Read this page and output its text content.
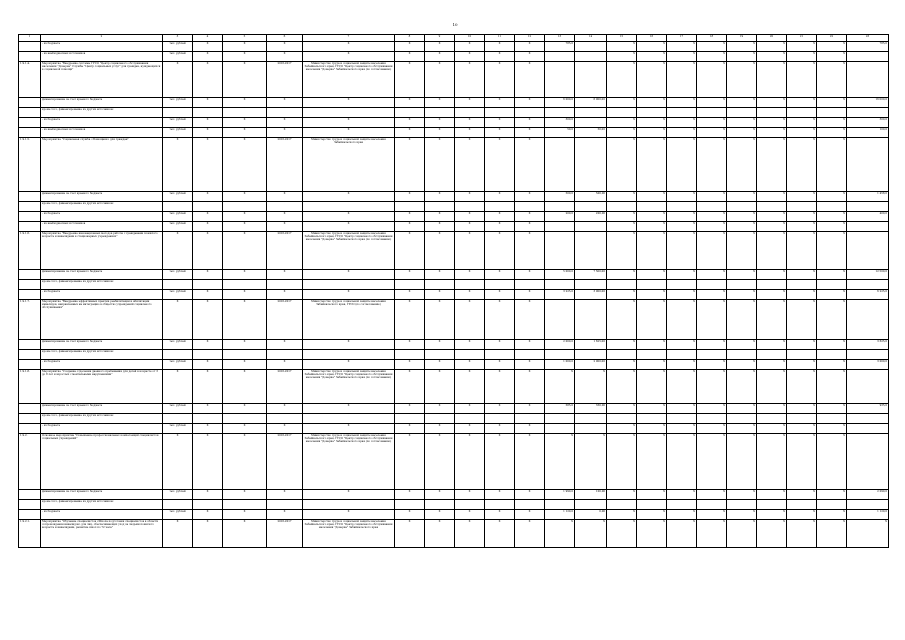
10
1	2	3	4	5	6	7	8	9	10	11	12	13	14	15	16	17	18	19	20	21	22	23
	- из бюджета	тыс. рублей	X	X	X	X	X	X	X	X	X	785,0		X	X	X	X	X	X	X	X	785,0
	- из внебюджетных источников	тыс. рублей	X	X	X	X	X	X	X	X	X			X	X	X	X	X	X	X	X	
1.9.1.4.	Мероприятие "Внедрение системы ГУСО "Центр социального обслуживания населения "Доверие" Службы "Центр социальных услуг" для граждан, нуждающихся в социальной помощи"	X	X	X	2016-2017	Министерство труда и социальной защиты населения Забайкальского края, ГУСО "Центр социального обслуживания населения "Доверие" Забайкальского края (по согласованию)	X	X	X	X	X			X	X	X	X	X	X	X	X	
	финансирование за счет краевого бюджета	тыс. рублей	X	X	X	X	X	X	X	X	X	6 000,0	6 000,00	X	X	X	X	X	X	X	X	16 000,0
	кроме того, финансирование из других источников:																					
	- из бюджета	тыс. рублей	X	X	X	X	X	X	X	X	X	300,0		X	X	X	X	X	X	X	X	300,0
	- из внебюджетных источников	тыс. рублей	X	X	X	X	X	X	X	X	X	50,0	50,00	X	X	X	X	X	X	X	X	100,0
1.9.1.5.	Мероприятие "Социальная служба «Помощник» для граждан"	X	X	X	2016-2017	Министерство труда и социальной защиты населения Забайкальского края	X	X	X	X	X			X	X	X	X	X	X	X	X	
	финансирование за счет краевого бюджета	тыс. рублей	X	X	X	X	X	X	X	X	X	500,0	500,00	X	X	X	X	X	X	X	X	1 458,0
	кроме того, финансирование из других источников:																					
	- из бюджета	тыс. рублей	X	X	X	X	X	X	X	X	X	200,0	200,00	X	X	X	X	X	X	X	X	400,0
	- из внебюджетных источников	тыс. рублей	X	X	X	X	X	X	X	X	X			X	X	X	X	X	X	X	X	
1.9.1.6.	Мероприятие "Внедрение инновационных методов работы с гражданами пожилого возраста и инвалидами в стационарных учреждениях"	X	X	X	2016-2017	Министерство труда и социальной защиты населения Забайкальского края, ГУСО "Центр социального обслуживания населения "Доверие" Забайкальского края (по согласованию)	X	X	X	X	X			X	X	X	X	X	X	X	X	
	финансирование за счет краевого бюджета	тыс. рублей	X	X	X	X	X	X	X	X	X	5 000,0	7 500,00	X	X	X	X	X	X	X	X	12 500,0
	кроме того, финансирование из других источников:																					
	- из бюджета	тыс. рублей	X	X	X	X	X	X	X	X	X	3 225,0	3 000,00	X	X	X	X	X	X	X	X	6 225,0
1.9.1.7.	Мероприятие "Внедрение эффективных практик реабилитации и абилитации инвалидов, направленных на интеграцию в общество учреждений социального обслуживания"	X	X	X	2016-2017	Министерство труда и социальной защиты населения Забайкальского края, ГУСО (по согласованию)	X	X	X	X	X			X	X	X	X	X	X	X	X	
	финансирование за счет краевого бюджета	тыс. рублей	X	X	X	X	X	X	X	X	X	2 000,0	1 625,00	X	X	X	X	X	X	X	X	3 625,0
	кроме того, финансирование из других источников:																					
	- из бюджета	тыс. рублей	X	X	X	X	X	X	X	X	X	1 000,0	2 000,00	X	X	X	X	X	X	X	X	3 000,0
1.9.1.8.	Мероприятие "Создание отделения дневного пребывания для детей в возрасте от 3 до 8 лет и взрослых с ментальными нарушениями"	X	X	X	2016-2017	Министерство труда и социальной защиты населения Забайкальского края, ГУСО "Центр социального обслуживания населения "Доверие" Забайкальского края (по согласованию)	X	X	X	X	X	X	X	X	X	X	X	X	X	X	X	
	финансирование за счет краевого бюджета	тыс. рублей	X	X	X	X	X	X	X	X	X	585,0	350,00	X	X	X	X	X	X	X	X	935,0
	кроме того, финансирование из других источников:																					
	- из бюджета	тыс. рублей	X	X	X	X	X	X	X	X	X			X	X	X	X	X	X	X	X	
1.9.2.	Основное мероприятие "Повышение профессиональных компетенций специалистов социальных учреждений"	X	X	X	2016-2017	Министерство труда и социальной защиты населения Забайкальского края, ГУСО "Центр социального обслуживания населения "Доверие" Забайкальского края (по согласованию)	X	X	X	X	X	X	X	X	X	X	X	X	X	X	X	
	финансирование за счет краевого бюджета	тыс. рублей	X	X	X	X	X	X	X	X	X	1 990,0	100,00	X	X	X	X	X	X	X	X	2 090,0
	кроме того, финансирование из других источников:																					
	- из бюджета	тыс. рублей	X	X	X	X	X	X	X	X	X	1 120,0	0,00	X	X	X	X	X	X	X	X	1 120,0
1.9.2.1.	Мероприятие "Обучение специалистов «Школа подготовки специалистов в области сопровождения инвалидов» для лиц, обеспечивающих уход за людьми пожилого возраста и инвалидами, развитие школ по 72 часа"	X	X	X	2016-2017	Министерство труда и социальной защиты населения Забайкальского края, ГУСО "Центр социального обслуживания населения "Доверие" Забайкальского края	X	X	X	X	X	X	X	X	X	X	X	X	X	X	X	X
